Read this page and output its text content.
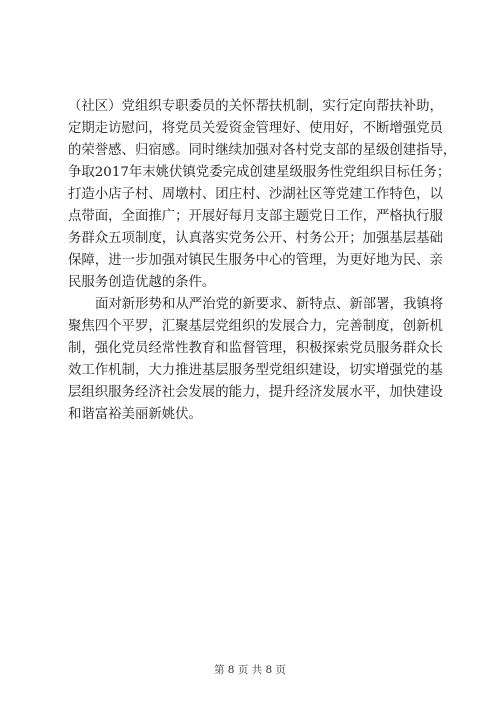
（社区）党组织专职委员的关怀帮扶机制，实行定向帮扶补助，
定期走访慰问，将党员关爱资金管理好、使用好，不断增强党员
的荣誉感、归宿感。同时继续加强对各村党支部的星级创建指导，
争取2017年末姚伏镇党委完成创建星级服务性党组织目标任务；
打造小店子村、周墩村、团庄村、沙湖社区等党建工作特色，以
点带面，全面推广；开展好每月支部主题党日工作，严格执行服
务群众五项制度，认真落实党务公开、村务公开；加强基层基础
保障，进一步加强对镇民生服务中心的管理，为更好地为民、亲
民服务创造优越的条件。
面对新形势和从严治党的新要求、新特点、新部署，我镇将
聚焦四个平罗，汇聚基层党组织的发展合力，完善制度，创新机
制，强化党员经常性教育和监督管理，积极探索党员服务群众长
效工作机制，大力推进基层服务型党组织建设，切实增强党的基
层组织服务经济社会发展的能力，提升经济发展水平，加快建设
和谐富裕美丽新姚伏。
第 8 页 共 8 页
